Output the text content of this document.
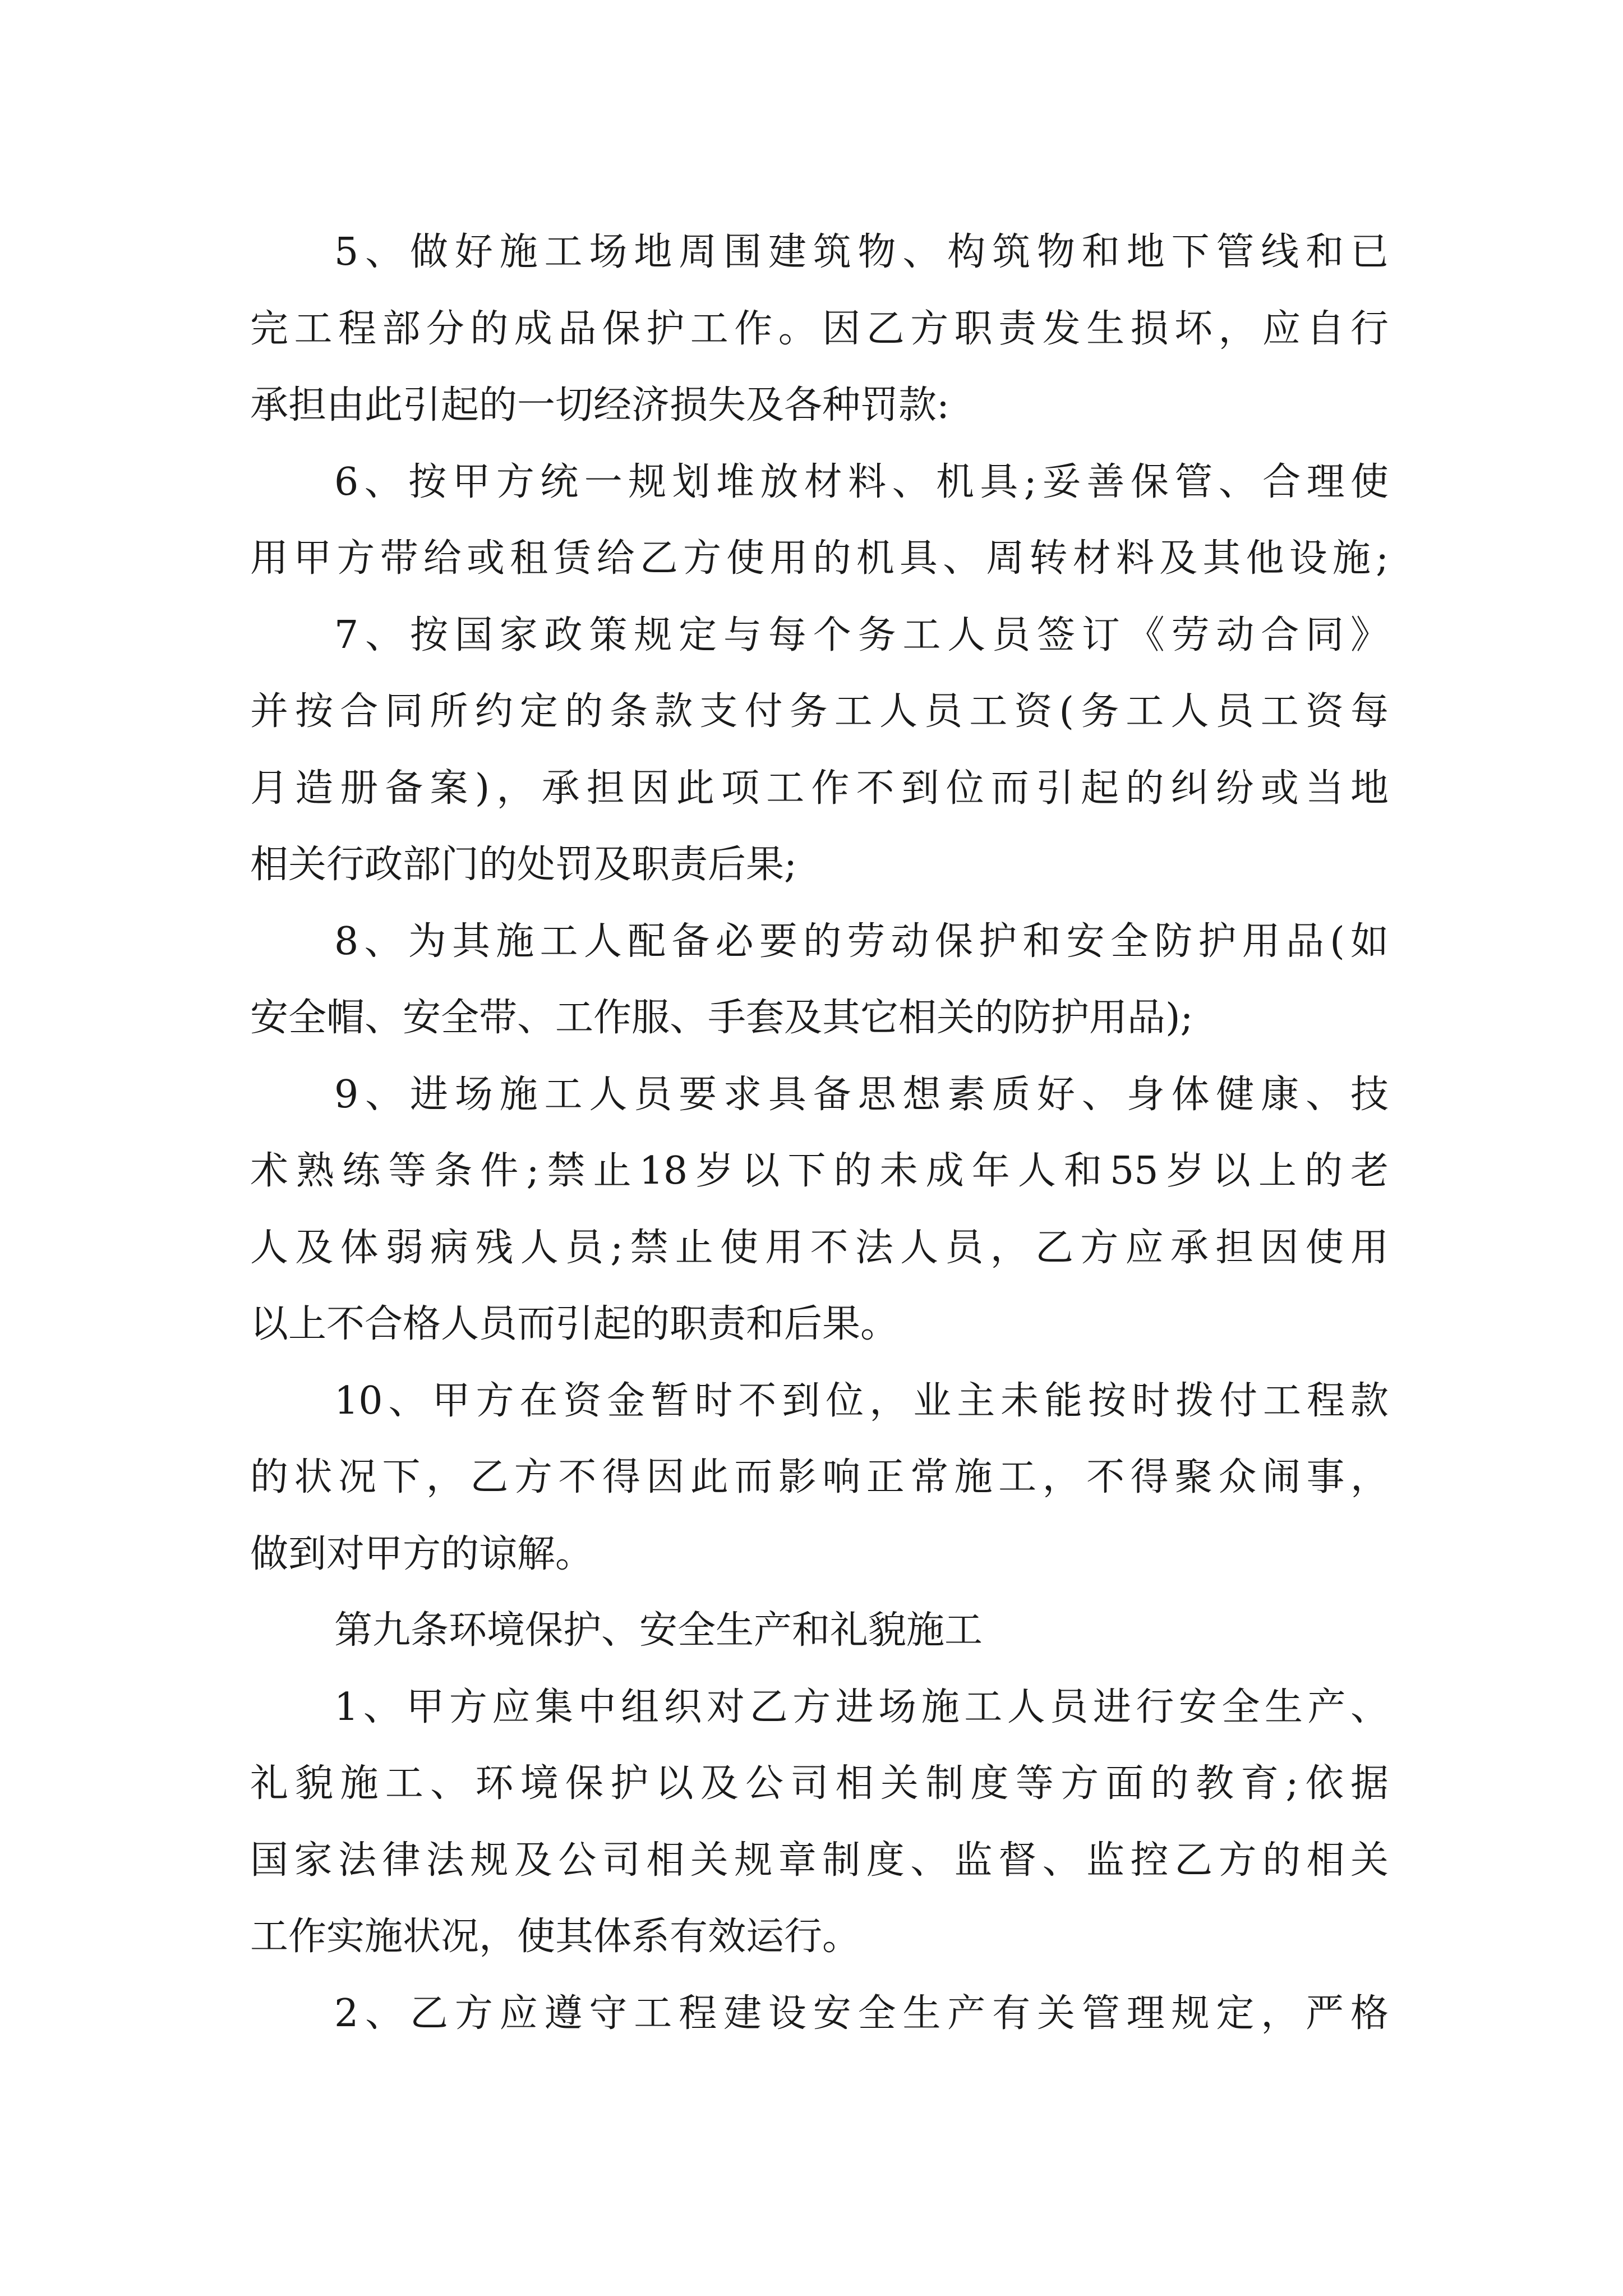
5、做好施工场地周围建筑物、构筑物和地下管线和已
完工程部分的成品保护工作。因乙方职责发生损坏，应自行
承担由此引起的一切经济损失及各种罚款:
6、按甲方统一规划堆放材料、机具;妥善保管、合理使
用甲方带给或租赁给乙方使用的机具、周转材料及其他设施;
7、按国家政策规定与每个务工人员签订《劳动合同》
并按合同所约定的条款支付务工人员工资(务工人员工资每
月造册备案)，承担因此项工作不到位而引起的纠纷或当地
相关行政部门的处罚及职责后果;
8、为其施工人配备必要的劳动保护和安全防护用品(如
安全帽、安全带、工作服、手套及其它相关的防护用品);
9、进场施工人员要求具备思想素质好、身体健康、技
术熟练等条件;禁止18岁以下的未成年人和55岁以上的老
人及体弱病残人员;禁止使用不法人员，乙方应承担因使用
以上不合格人员而引起的职责和后果。
10、甲方在资金暂时不到位，业主未能按时拨付工程款
的状况下，乙方不得因此而影响正常施工，不得聚众闹事，
做到对甲方的谅解。
第九条环境保护、安全生产和礼貌施工
1、甲方应集中组织对乙方进场施工人员进行安全生产、
礼貌施工、环境保护以及公司相关制度等方面的教育;依据
国家法律法规及公司相关规章制度、监督、监控乙方的相关
工作实施状况，使其体系有效运行。
2、乙方应遵守工程建设安全生产有关管理规定，严格
